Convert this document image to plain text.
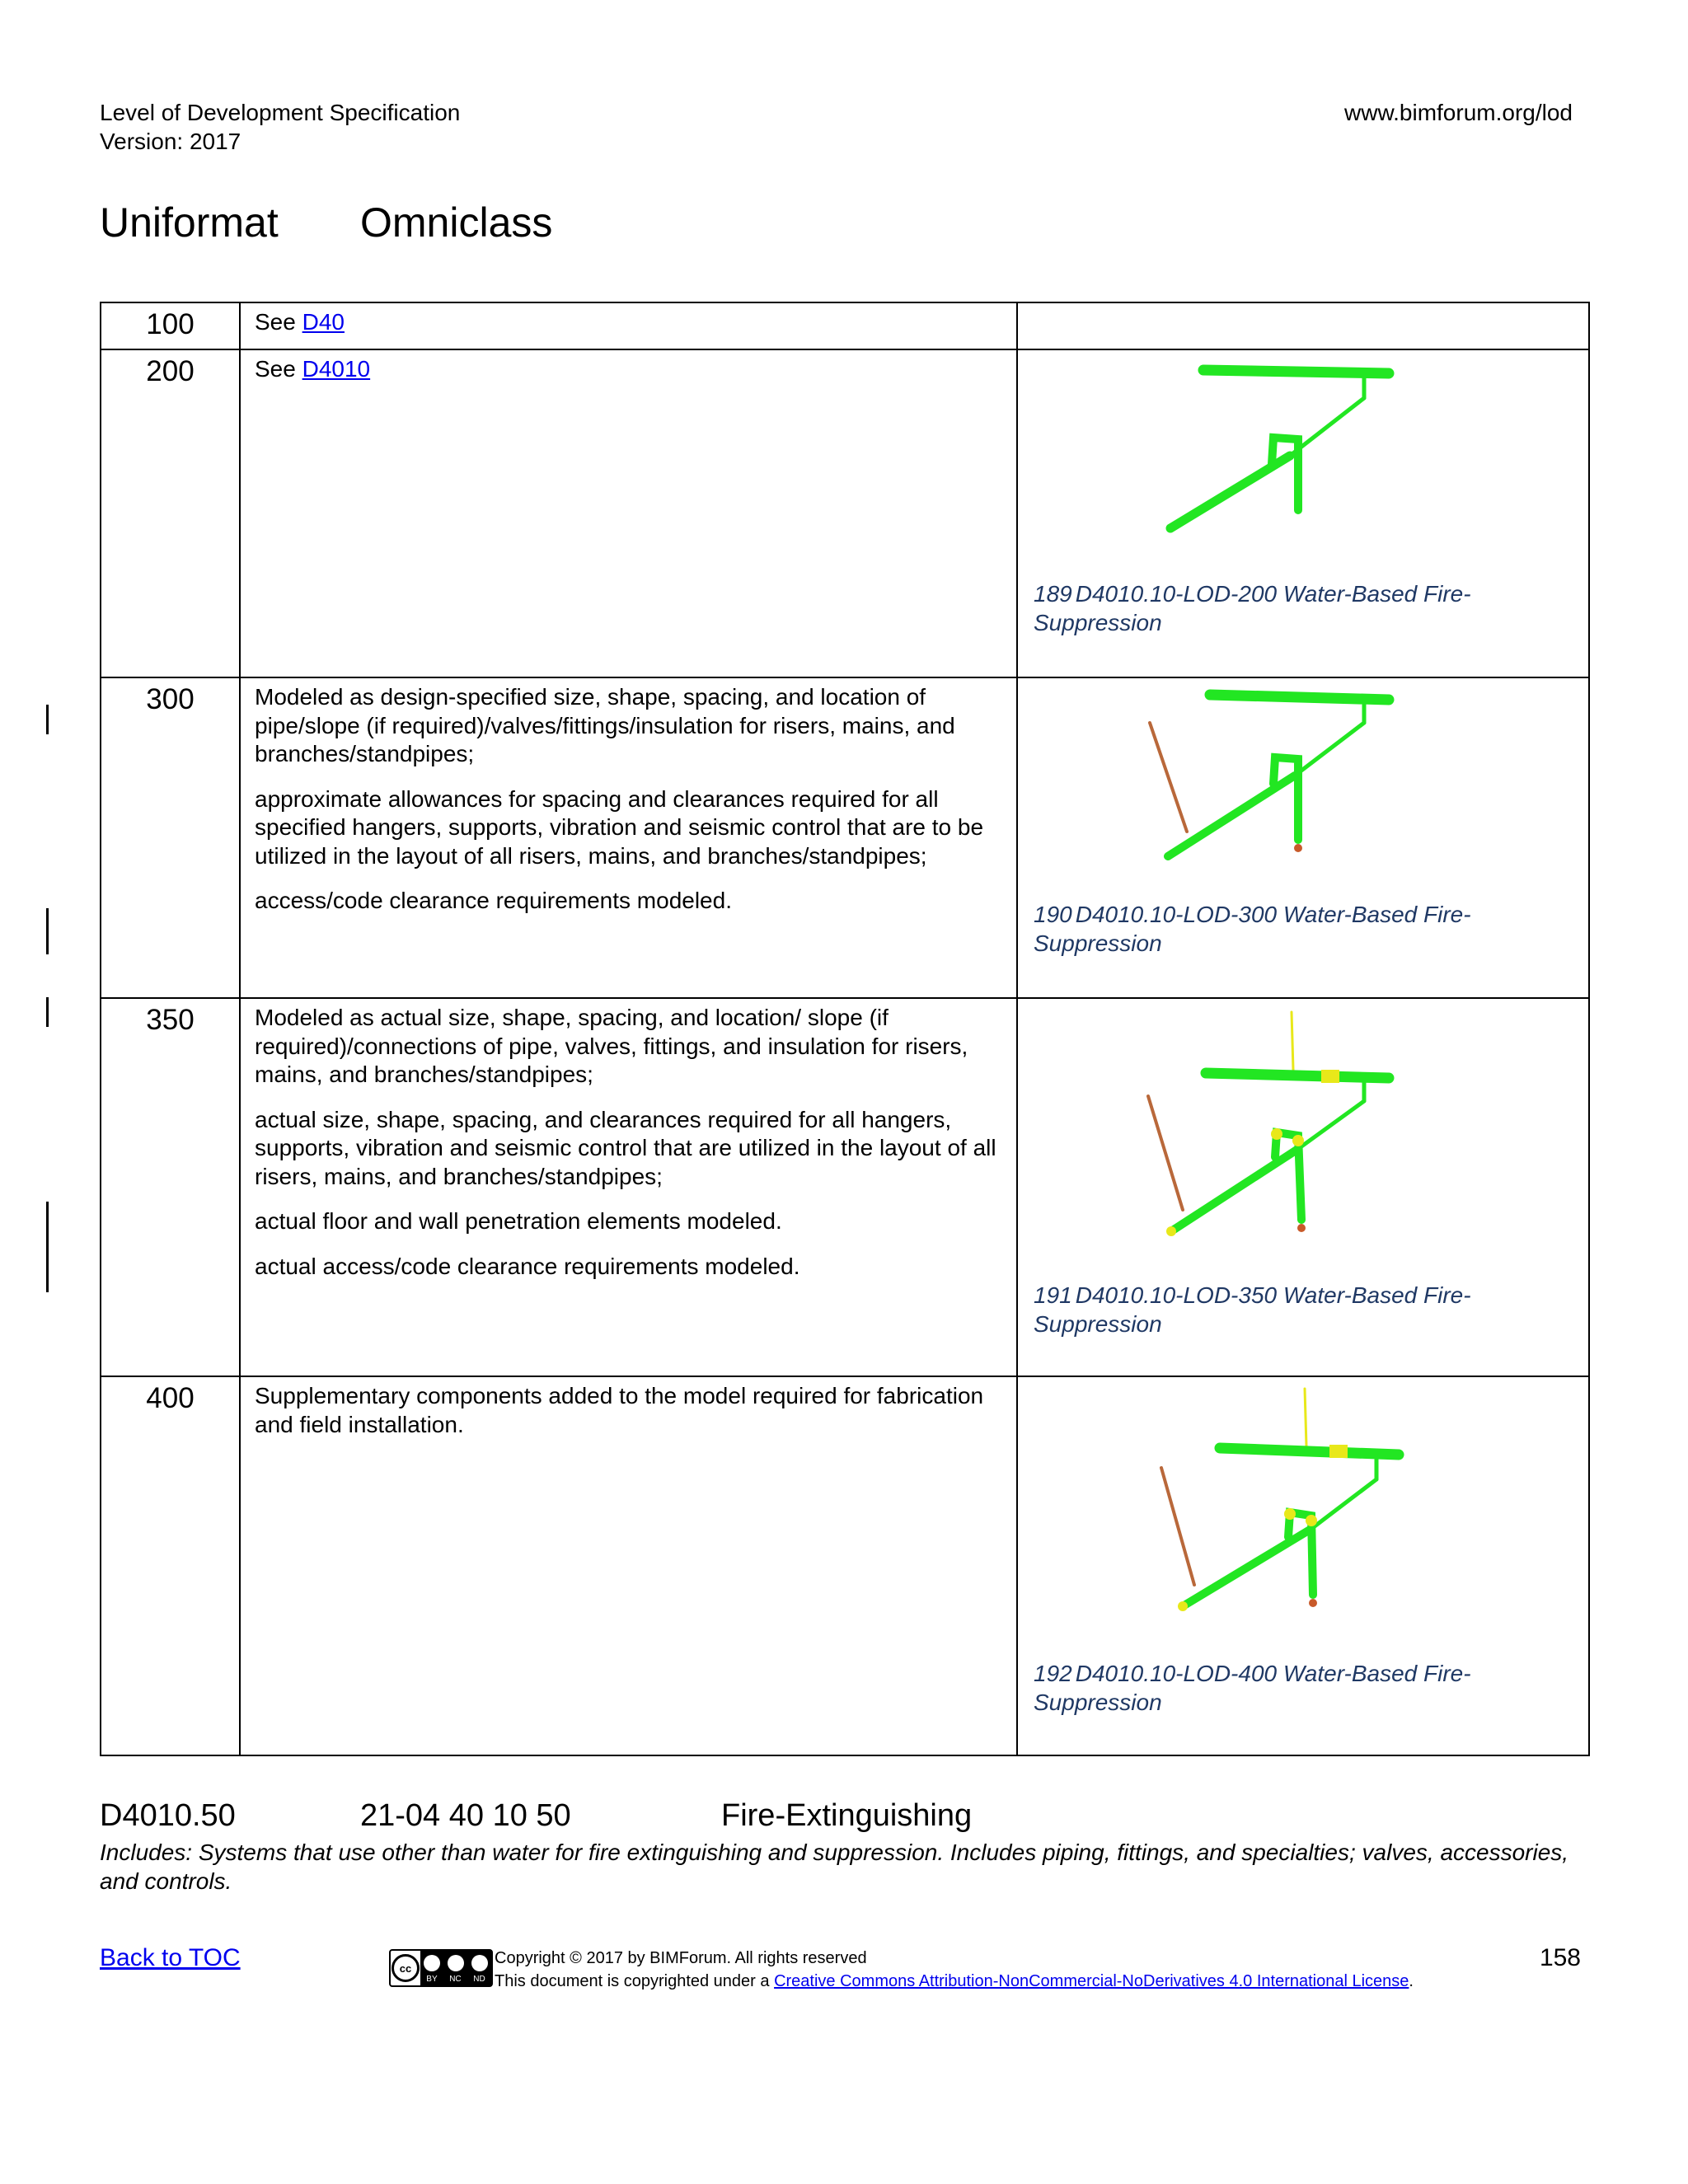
Level of Development Specification
Version: 2017
www.bimforum.org/lod
Uniformat Omniclass
100	See D40	
200	See D4010	189 D4010.10-LOD-200 Water-Based Fire-Suppression

300	Modeled as design-specified size, shape, spacing, and location of pipe/slope (if required)/valves/fittings/insulation for risers, mains, and branches/standpipes;

approximate allowances for spacing and clearances required for all specified hangers, supports, vibration and seismic control that are to be utilized in the layout of all risers, mains, and branches/standpipes;

access/code clearance requirements modeled.	190 D4010.10-LOD-300 Water-Based Fire-Suppression

350	Modeled as actual size, shape, spacing, and location/ slope (if required)/connections of pipe, valves, fittings, and insulation for risers, mains, and branches/standpipes;

actual size, shape, spacing, and clearances required for all hangers, supports, vibration and seismic control that are utilized in the layout of all risers, mains, and branches/standpipes;

actual floor and wall penetration elements modeled.

actual access/code clearance requirements modeled.	191 D4010.10-LOD-350 Water-Based Fire-Suppression

400	Supplementary components added to the model required for fabrication and field installation.	192 D4010.10-LOD-400 Water-Based Fire-Suppression
D4010.50	21-04 40 10 50	Fire-Extinguishing
Includes: Systems that use other than water for fire extinguishing and suppression. Includes piping, fittings, and specialties; valves, accessories, and controls.
Back to TOC	cc
BY NC ND
Copyright © 2017 by BIMForum. All rights reserved
This document is copyrighted under a Creative Commons Attribution-NonCommercial-NoDerivatives 4.0 International License.
158
